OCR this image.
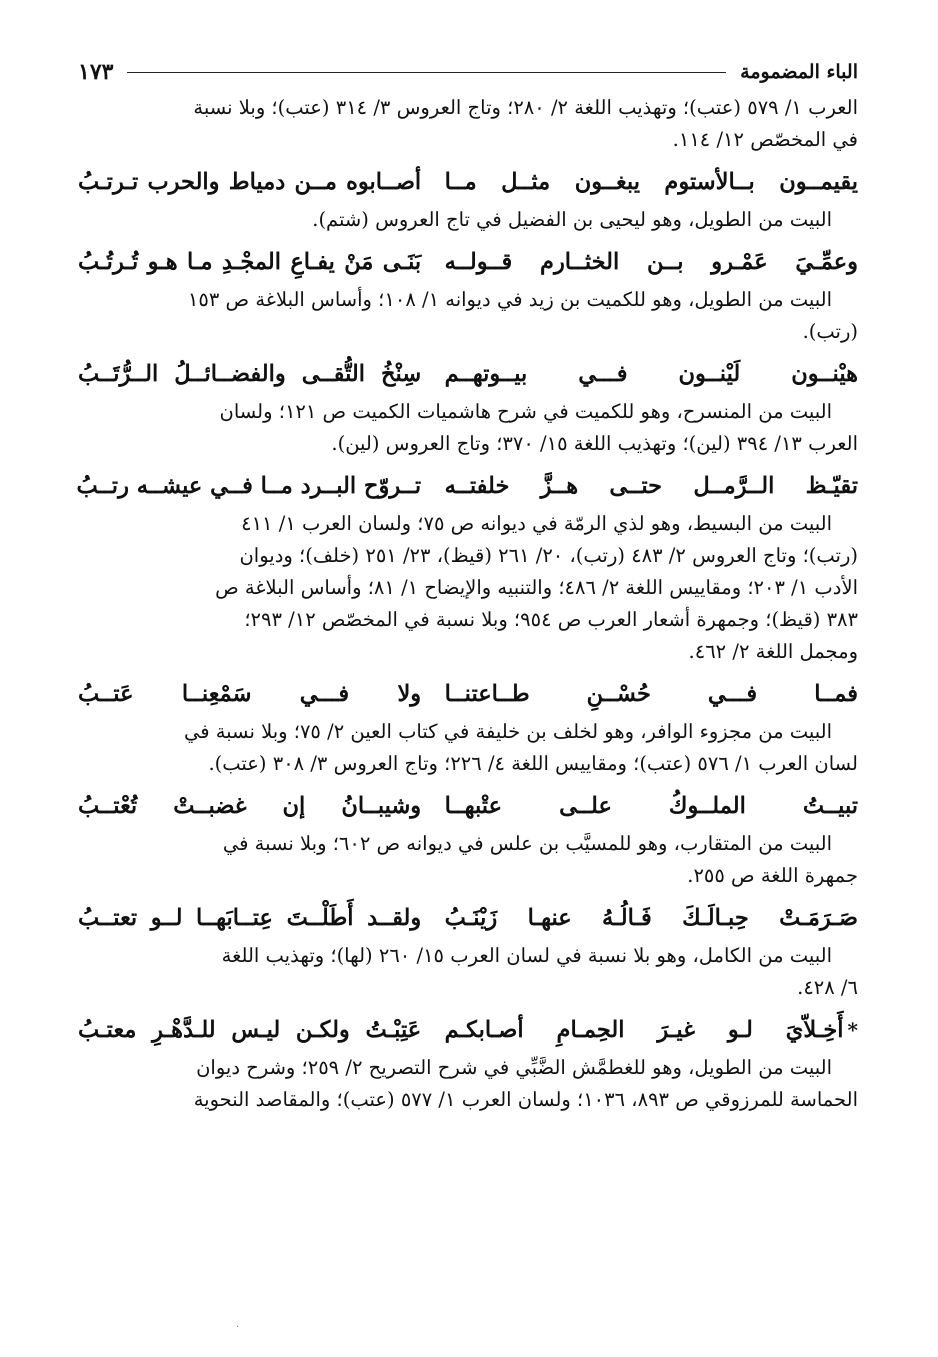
الباء المضمومة
١٧٣

العرب ١/ ٥٧٩ (عتب)؛ وتهذيب اللغة ٢/ ٢٨٠؛ وتاج العروس ٣/ ٣١٤ (عتب)؛ وبلا نسبة

في المخصّص ١٢/ ١١٤.

يقيمــون بــالأستوم يبغــون مثــل مــا
أصــابوه مــن دمياط والحرب تـرتـبُ

البيت من الطويل، وهو ليحيى بن الفضيل في تاج العروس (شتم).

وعمِّـيَ عَمْـرو بــن الخثــارم قــولــه
بَنَـى مَنْ يفـاعِ المجْـدِ مـا هـو تُـرتُـبُ

البيت من الطويل، وهو للكميت بن زيد في ديوانه ١/ ١٠٨؛ وأساس البلاغة ص ١٥٣

(رتب).

هيْنــون لَيْنــون فـــي بيــوتهــم
سِنْخُ التُّقــى والفضــائــلُ الــرُّتَــبُ

البيت من المنسرح، وهو للكميت في شرح هاشميات الكميت ص ١٢١؛ ولسان

العرب ١٣/ ٣٩٤ (لين)؛ وتهذيب اللغة ١٥/ ٣٧٠؛ وتاج العروس (لين).

تقيّـظ الــرَّمــل حتــى هــزَّ خلفتــه
تــروّح البــرد مــا فــي عيشــه رتــبُ

البيت من البسيط، وهو لذي الرمّة في ديوانه ص ٧٥؛ ولسان العرب ١/ ٤١١

(رتب)؛ وتاج العروس ٢/ ٤٨٣ (رتب)، ٢٠/ ٢٦١ (قيظ)، ٢٣/ ٢٥١ (خلف)؛ وديوان

الأدب ١/ ٢٠٣؛ ومقاييس اللغة ٢/ ٤٨٦؛ والتنبيه والإيضاح ١/ ٨١؛ وأساس البلاغة ص

٣٨٣ (قيظ)؛ وجمهرة أشعار العرب ص ٩٥٤؛ وبلا نسبة في المخصّص ١٢/ ٢٩٣؛

ومجمل اللغة ٢/ ٤٦٢.

فمــا فـــي حُسْــنِ طــاعتنــا
ولا فـــي سَمْعِنــا عَتــبُ

البيت من مجزوء الوافر، وهو لخلف بن خليفة في كتاب العين ٢/ ٧٥؛ وبلا نسبة في

لسان العرب ١/ ٥٧٦ (عتب)؛ ومقاييس اللغة ٤/ ٢٢٦؛ وتاج العروس ٣/ ٣٠٨ (عتب).

تبيــتُ الملــوكُ علــى عتْبهــا
وشيبــانُ إن غضبــتْ تُعْتــبُ

البيت من المتقارب، وهو للمسيَّب بن علس في ديوانه ص ٦٠٢؛ وبلا نسبة في

جمهرة اللغة ص ٢٥٥.

صَـرَمَـتْ حِبـالَـكَ فَـالُـهُ عنهـا زَيْنَـبُ
ولقــد أَطَلْــتَ عِتــابَهــا لــو تعتــبُ

البيت من الكامل، وهو بلا نسبة في لسان العرب ١٥/ ٢٦٠ (لها)؛ وتهذيب اللغة

٦/ ٤٢٨.

*أَخِـلاّيَ لـو غيـرَ الحِمـامِ أصـابكـم
عَتِبْـتُ ولكـن ليـس للـدَّهْـرِ معتـبُ

البيت من الطويل، وهو للغطمَّش الضَّبِّي في شرح التصريح ٢/ ٢٥٩؛ وشرح ديوان

الحماسة للمرزوقي ص ٨٩٣، ١٠٣٦؛ ولسان العرب ١/ ٥٧٧ (عتب)؛ والمقاصد النحوية

·
